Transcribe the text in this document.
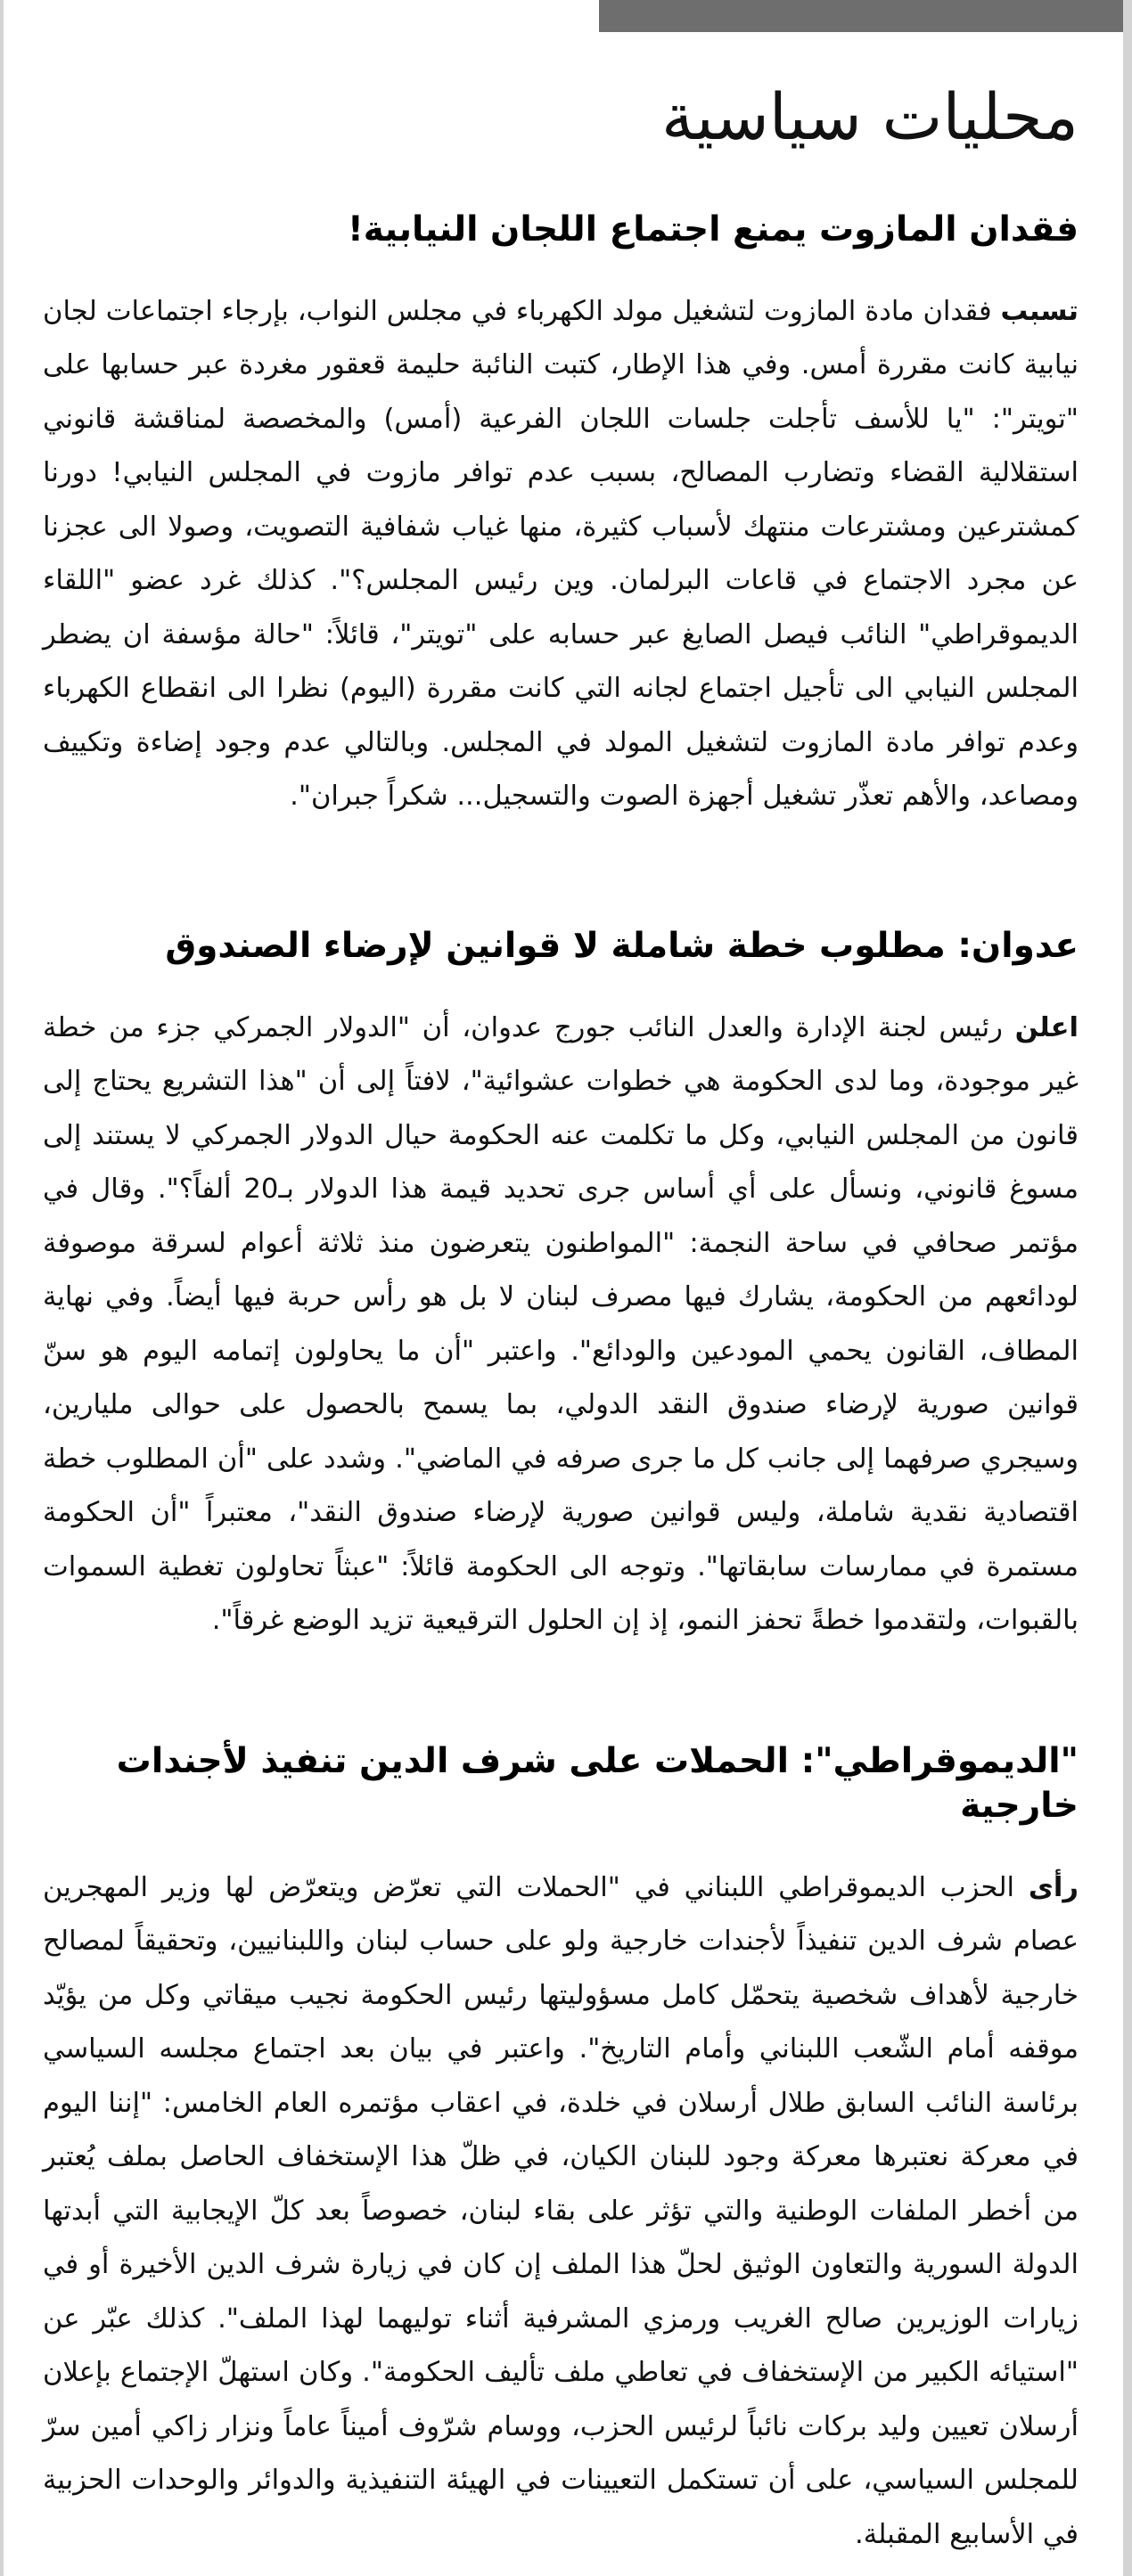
محليات سياسية
فقدان المازوت يمنع اجتماع اللجان النيابية!

تسبب فقدان مادة المازوت لتشغيل مولد الكهرباء في مجلس النواب، بإرجاء اجتماعات لجان نيابية كانت مقررة أمس. وفي هذا الإطار، كتبت النائبة حليمة قعقور مغردة عبر حسابها على "تويتر": "يا للأسف تأجلت جلسات اللجان الفرعية (أمس) والمخصصة لمناقشة قانوني استقلالية القضاء وتضارب المصالح، بسبب عدم توافر مازوت في المجلس النيابي! دورنا كمشترعين ومشترعات منتهك لأسباب كثيرة، منها غياب شفافية التصويت، وصولا الى عجزنا عن مجرد الاجتماع في قاعات البرلمان. وين رئيس المجلس؟". كذلك غرد عضو "اللقاء الديموقراطي" النائب فيصل الصايغ عبر حسابه على "تويتر"، قائلاً: "حالة مؤسفة ان يضطر المجلس النيابي الى تأجيل اجتماع لجانه التي كانت مقررة (اليوم) نظرا الى انقطاع الكهرباء وعدم توافر مادة المازوت لتشغيل المولد في المجلس. وبالتالي عدم وجود إضاءة وتكييف ومصاعد، والأهم تعذّر تشغيل أجهزة الصوت والتسجيل... شكراً جبران".

عدوان: مطلوب خطة شاملة لا قوانين لإرضاء الصندوق

اعلن رئيس لجنة الإدارة والعدل النائب جورج عدوان، أن "الدولار الجمركي جزء من خطة غير موجودة، وما لدى الحكومة هي خطوات عشوائية"، لافتاً إلى أن "هذا التشريع يحتاج إلى قانون من المجلس النيابي، وكل ما تكلمت عنه الحكومة حيال الدولار الجمركي لا يستند إلى مسوغ قانوني، ونسأل على أي أساس جرى تحديد قيمة هذا الدولار بـ20 ألفاً؟". وقال في مؤتمر صحافي في ساحة النجمة: "المواطنون يتعرضون منذ ثلاثة أعوام لسرقة موصوفة لودائعهم من الحكومة، يشارك فيها مصرف لبنان لا بل هو رأس حربة فيها أيضاً. وفي نهاية المطاف، القانون يحمي المودعين والودائع". واعتبر "أن ما يحاولون إتمامه اليوم هو سنّ قوانين صورية لإرضاء صندوق النقد الدولي، بما يسمح بالحصول على حوالى مليارين، وسيجري صرفهما إلى جانب كل ما جرى صرفه في الماضي". وشدد على "أن المطلوب خطة اقتصادية نقدية شاملة، وليس قوانين صورية لإرضاء صندوق النقد"، معتبراً "أن الحكومة مستمرة في ممارسات سابقاتها". وتوجه الى الحكومة قائلاً: "عبثاً تحاولون تغطية السموات بالقبوات، ولتقدموا خطةً تحفز النمو، إذ إن الحلول الترقيعية تزيد الوضع غرقاً".

"الديموقراطي": الحملات على شرف الدين تنفيذ لأجندات خارجية

رأى الحزب الديموقراطي اللبناني في "الحملات التي تعرّض ويتعرّض لها وزير المهجرين عصام شرف الدين تنفيذاً لأجندات خارجية ولو على حساب لبنان واللبنانيين، وتحقيقاً لمصالح خارجية لأهداف شخصية يتحمّل كامل مسؤوليتها رئيس الحكومة نجيب ميقاتي وكل من يؤيّد موقفه أمام الشّعب اللبناني وأمام التاريخ". واعتبر في بيان بعد اجتماع مجلسه السياسي برئاسة النائب السابق طلال أرسلان في خلدة، في اعقاب مؤتمره العام الخامس: "إننا اليوم في معركة نعتبرها معركة وجود للبنان الكيان، في ظلّ هذا الإستخفاف الحاصل بملف يُعتبر من أخطر الملفات الوطنية والتي تؤثر على بقاء لبنان، خصوصاً بعد كلّ الإيجابية التي أبدتها الدولة السورية والتعاون الوثيق لحلّ هذا الملف إن كان في زيارة شرف الدين الأخيرة أو في زيارات الوزيرين صالح الغريب ورمزي المشرفية أثناء توليهما لهذا الملف". كذلك عبّر عن "استيائه الكبير من الإستخفاف في تعاطي ملف تأليف الحكومة". وكان استهلّ الإجتماع بإعلان أرسلان تعيين وليد بركات نائباً لرئيس الحزب، ووسام شرّوف أميناً عاماً ونزار زاكي أمين سرّ للمجلس السياسي، على أن تستكمل التعيينات في الهيئة التنفيذية والدوائر والوحدات الحزبية في الأسابيع المقبلة.
